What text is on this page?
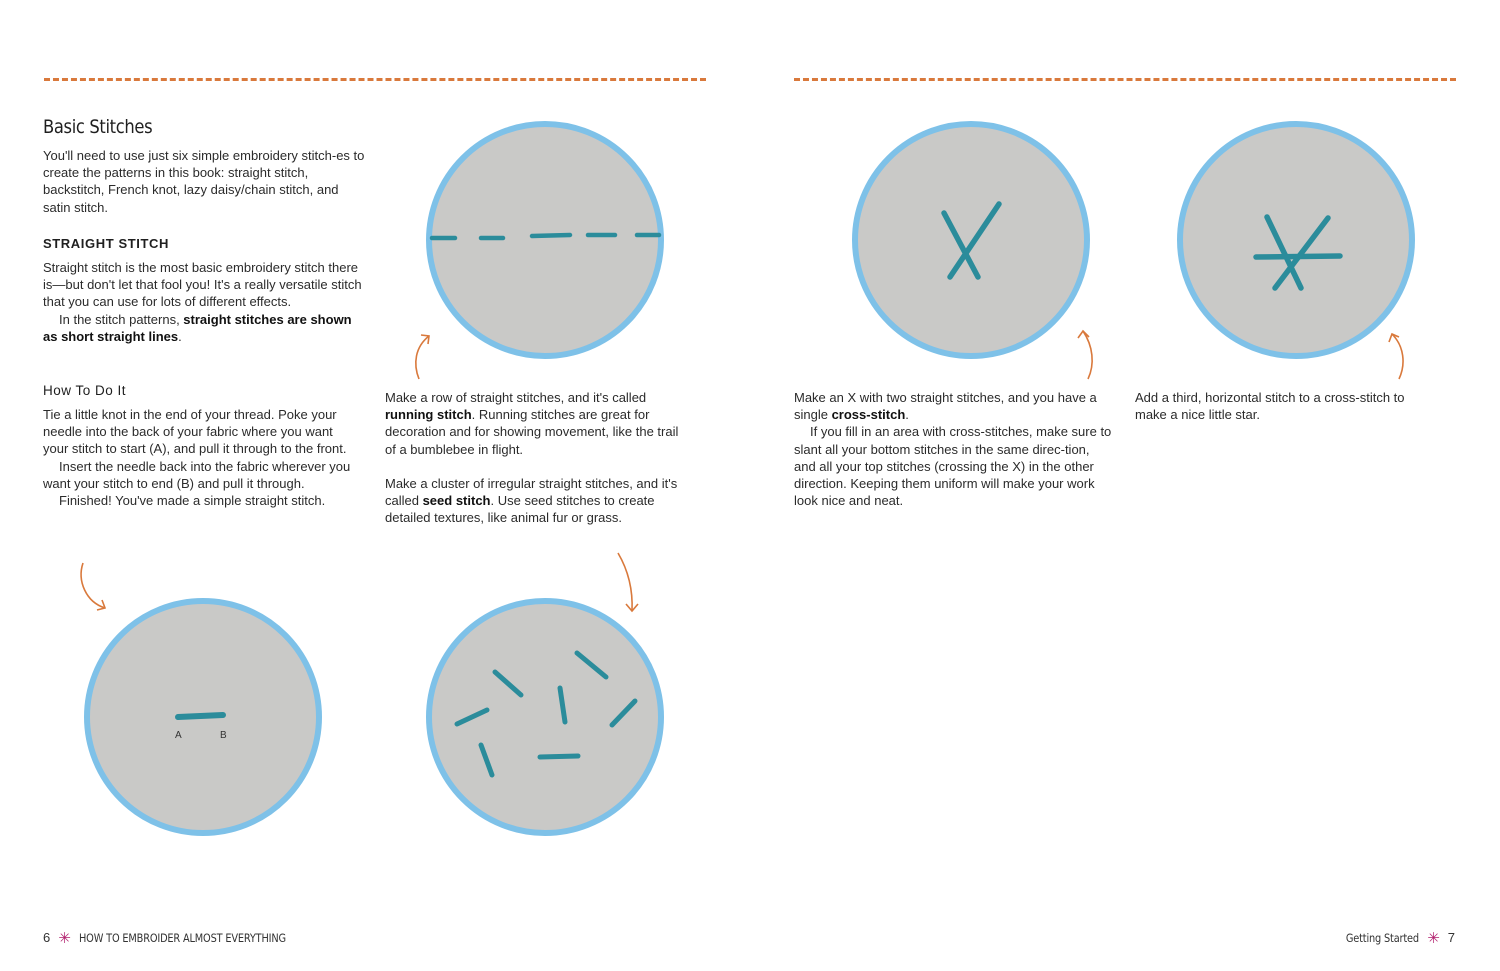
Basic Stitches

You'll need to use just six simple embroidery stitch-es to create the patterns in this book: straight stitch, backstitch, French knot, lazy daisy/chain stitch, and satin stitch.

STRAIGHT STITCH

Straight stitch is the most basic embroidery stitch there is—but don't let that fool you! It's a really versatile stitch that you can use for lots of different effects.

In the stitch patterns, straight stitches are shown as short straight lines.

How To Do It

Tie a little knot in the end of your thread. Poke your needle into the back of your fabric where you want your stitch to start (A), and pull it through to the front.

Insert the needle back into the fabric wherever you want your stitch to end (B) and pull it through.

Finished! You've made a simple straight stitch.

Make a row of straight stitches, and it's called running stitch. Running stitches are great for decoration and for showing movement, like the trail of a bumblebee in flight.

Make a cluster of irregular straight stitches, and it's called seed stitch. Use seed stitches to create detailed textures, like animal fur or grass.

A	B
6 ✳ HOW TO EMBROIDER ALMOST EVERYTHING

Make an X with two straight stitches, and you have a single cross-stitch.

If you fill in an area with cross-stitches, make sure to slant all your bottom stitches in the same direc-tion, and all your top stitches (crossing the X) in the other direction. Keeping them uniform will make your work look nice and neat.

Add a third, horizontal stitch to a cross-stitch to make a nice little star.

Getting Started ✳ 7
